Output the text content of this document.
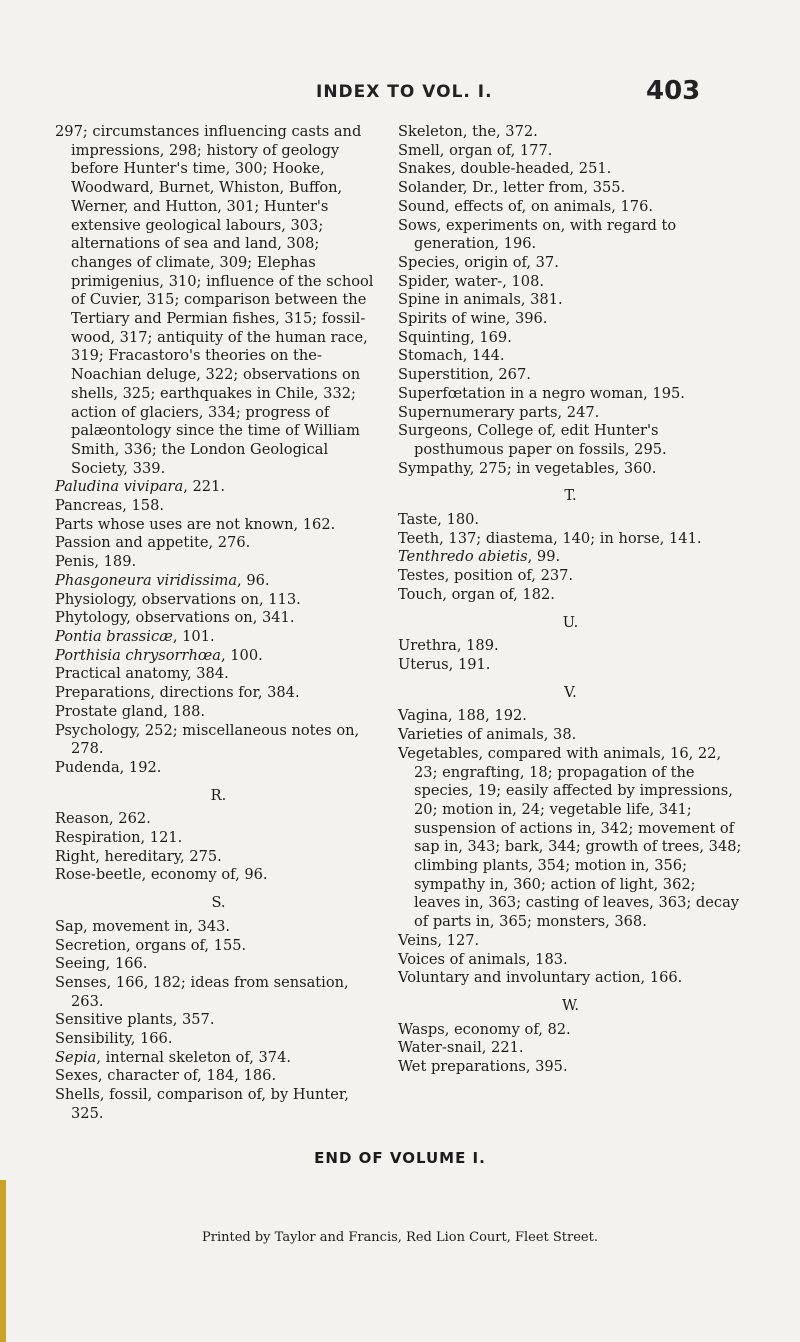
INDEX TO VOL. I.	403

297; circumstances influencing casts and impressions, 298; history of geology before Hunter's time, 300; Hooke, Woodward, Burnet, Whiston, Buffon, Werner, and Hutton, 301; Hunter's extensive geological labours, 303; alternations of sea and land, 308; changes of climate, 309; Elephas primigenius, 310; influence of the school of Cuvier, 315; comparison between the Tertiary and Permian fishes, 315; fossil-wood, 317; antiquity of the human race, 319; Fracastoro's theories on the-Noachian deluge, 322; observations on shells, 325; earthquakes in Chile, 332; action of glaciers, 334; progress of palæontology since the time of William Smith, 336; the London Geological Society, 339.

Paludina vivipara, 221.

Pancreas, 158.

Parts whose uses are not known, 162.

Passion and appetite, 276.

Penis, 189.

Phasgoneura viridissima, 96.

Physiology, observations on, 113.

Phytology, observations on, 341.

Pontia brassicæ, 101.

Porthisia chrysorrhœa, 100.

Practical anatomy, 384.

Preparations, directions for, 384.

Prostate gland, 188.

Psychology, 252; miscellaneous notes on, 278.

Pudenda, 192.

R.

Reason, 262.

Respiration, 121.

Right, hereditary, 275.

Rose-beetle, economy of, 96.

S.

Sap, movement in, 343.

Secretion, organs of, 155.

Seeing, 166.

Senses, 166, 182; ideas from sensation, 263.

Sensitive plants, 357.

Sensibility, 166.

Sepia, internal skeleton of, 374.

Sexes, character of, 184, 186.

Shells, fossil, comparison of, by Hunter, 325.

Skeleton, the, 372.

Smell, organ of, 177.

Snakes, double-headed, 251.

Solander, Dr., letter from, 355.

Sound, effects of, on animals, 176.

Sows, experiments on, with regard to generation, 196.

Species, origin of, 37.

Spider, water-, 108.

Spine in animals, 381.

Spirits of wine, 396.

Squinting, 169.

Stomach, 144.

Superstition, 267.

Superfœtation in a negro woman, 195.

Supernumerary parts, 247.

Surgeons, College of, edit Hunter's posthumous paper on fossils, 295.

Sympathy, 275; in vegetables, 360.

T.

Taste, 180.

Teeth, 137; diastema, 140; in horse, 141.

Tenthredo abietis, 99.

Testes, position of, 237.

Touch, organ of, 182.

U.

Urethra, 189.

Uterus, 191.

V.

Vagina, 188, 192.

Varieties of animals, 38.

Vegetables, compared with animals, 16, 22, 23; engrafting, 18; propagation of the species, 19; easily affected by impressions, 20; motion in, 24; vegetable life, 341; suspension of actions in, 342; movement of sap in, 343; bark, 344; growth of trees, 348; climbing plants, 354; motion in, 356; sympathy in, 360; action of light, 362; leaves in, 363; casting of leaves, 363; decay of parts in, 365; monsters, 368.

Veins, 127.

Voices of animals, 183.

Voluntary and involuntary action, 166.

W.

Wasps, economy of, 82.

Water-snail, 221.

Wet preparations, 395.

END OF VOLUME I.
Printed by Taylor and Francis, Red Lion Court, Fleet Street.
